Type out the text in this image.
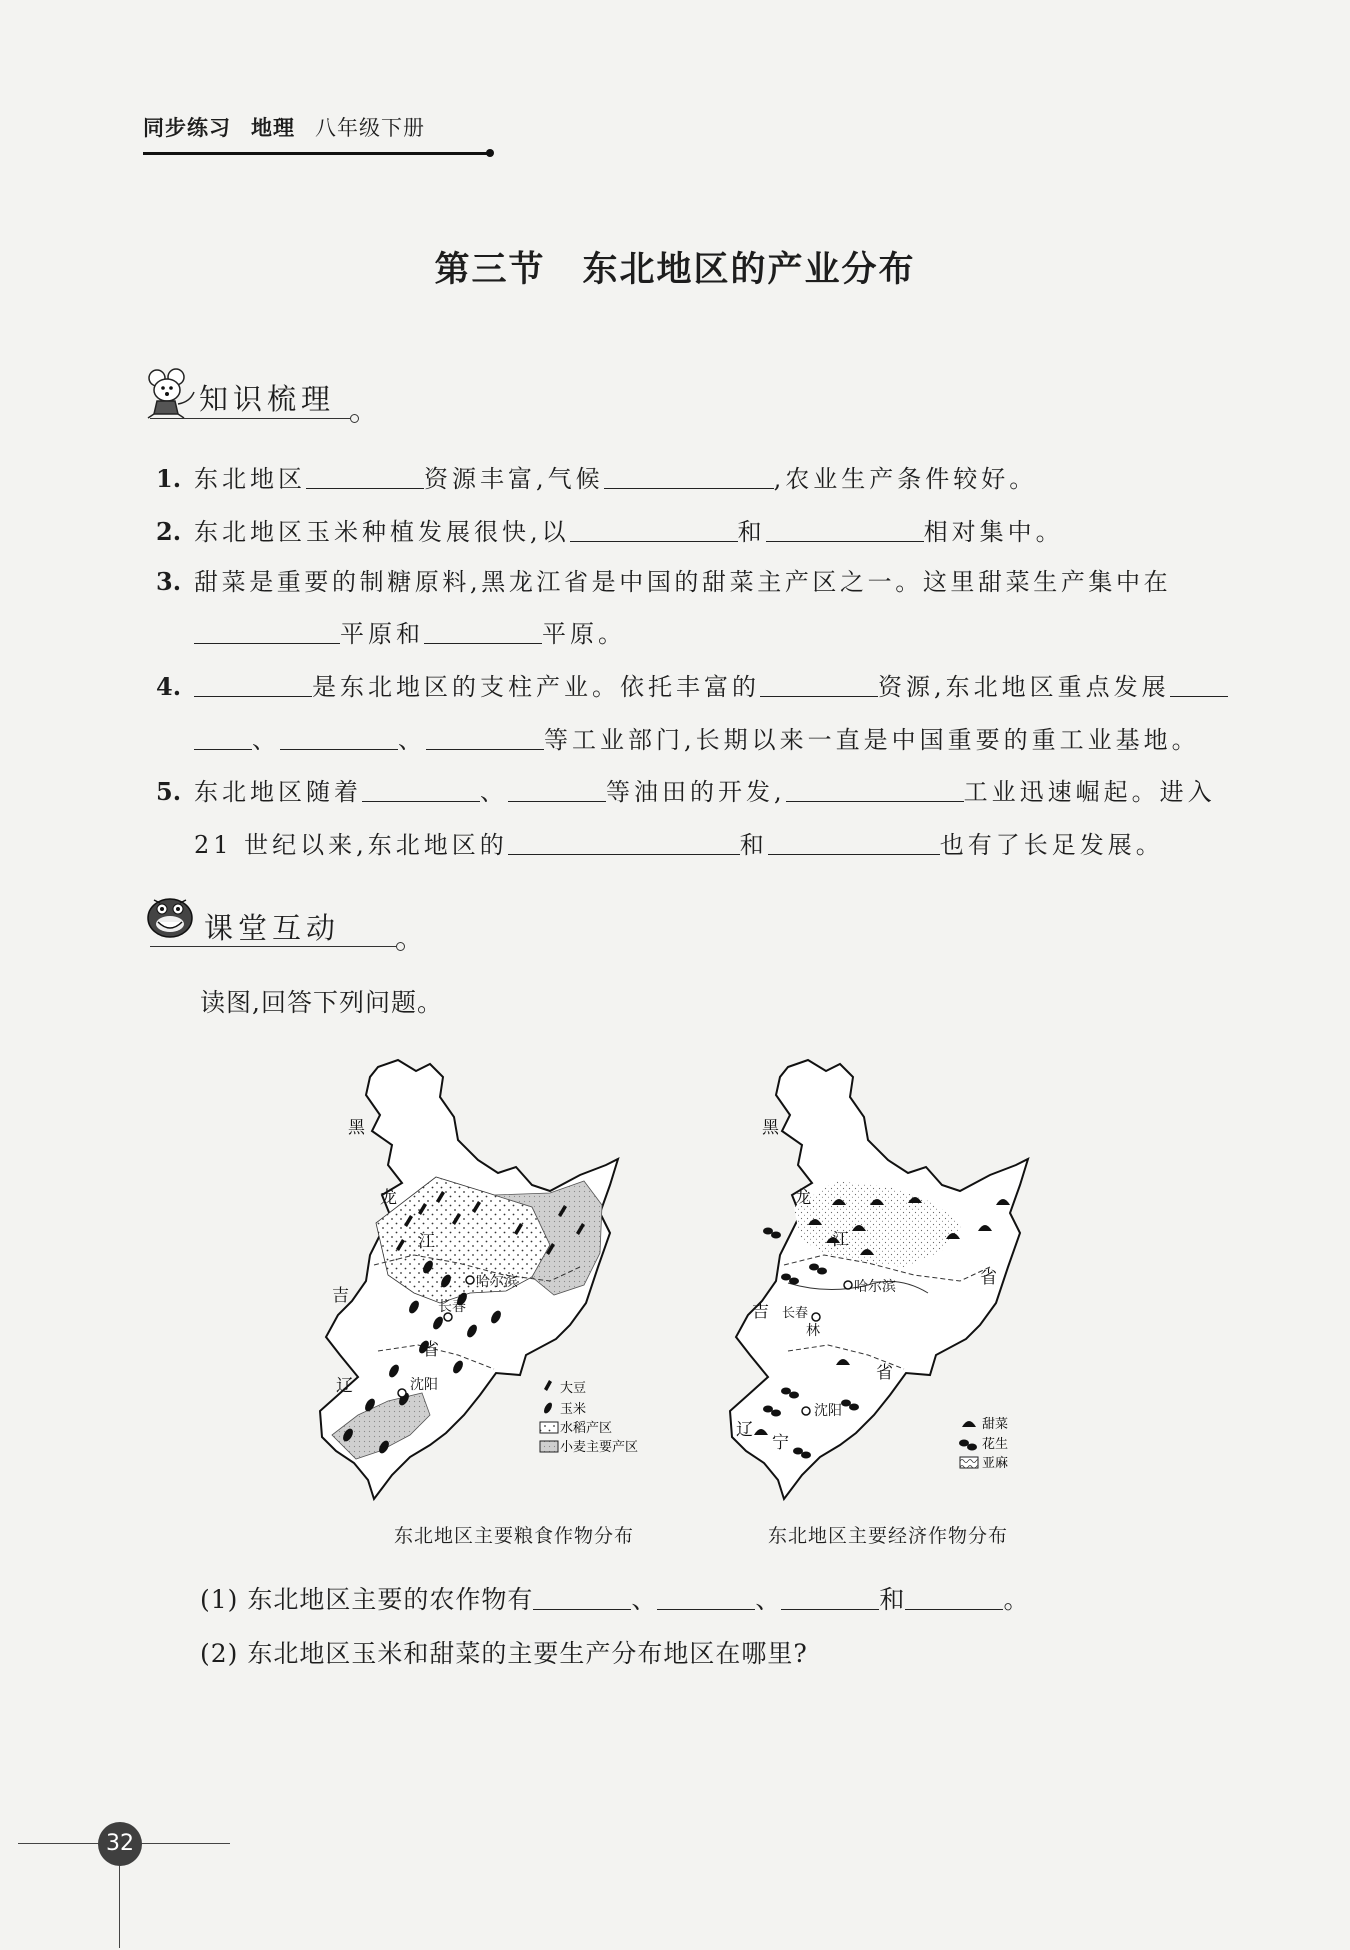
同步练习 地理 八年级下册
第三节　东北地区的产业分布
知识梳理
1. 东北地区	资源丰富,气候	,农业生产条件较好。
2. 东北地区玉米种植发展很快,以	和	相对集中。
3. 甜菜是重要的制糖原料,黑龙江省是中国的甜菜主产区之一。这里甜菜生产集中在
平原和	平原。
4.	是东北地区的支柱产业。依托丰富的	资源,东北地区重点发展
、	、	等工业部门,长期以来一直是中国重要的重工业基地。
5. 东北地区随着	、	等油田的开发,	工业迅速崛起。进入
21 世纪以来,东北地区的	和	也有了长足发展。
课堂互动
读图,回答下列问题。
黑
龙
江
吉
辽
省
哈尔滨
长春
沈阳	大豆
玉米
水稻产区
小麦主要产区
东北地区主要粮食作物分布
黑
龙
江
省
吉
林
省
辽
宁
哈尔滨
长春
沈阳
甜菜
花生
亚麻
东北地区主要经济作物分布
(1) 东北地区主要的农作物有	、	、	和	。
(2) 东北地区玉米和甜菜的主要生产分布地区在哪里?
32
